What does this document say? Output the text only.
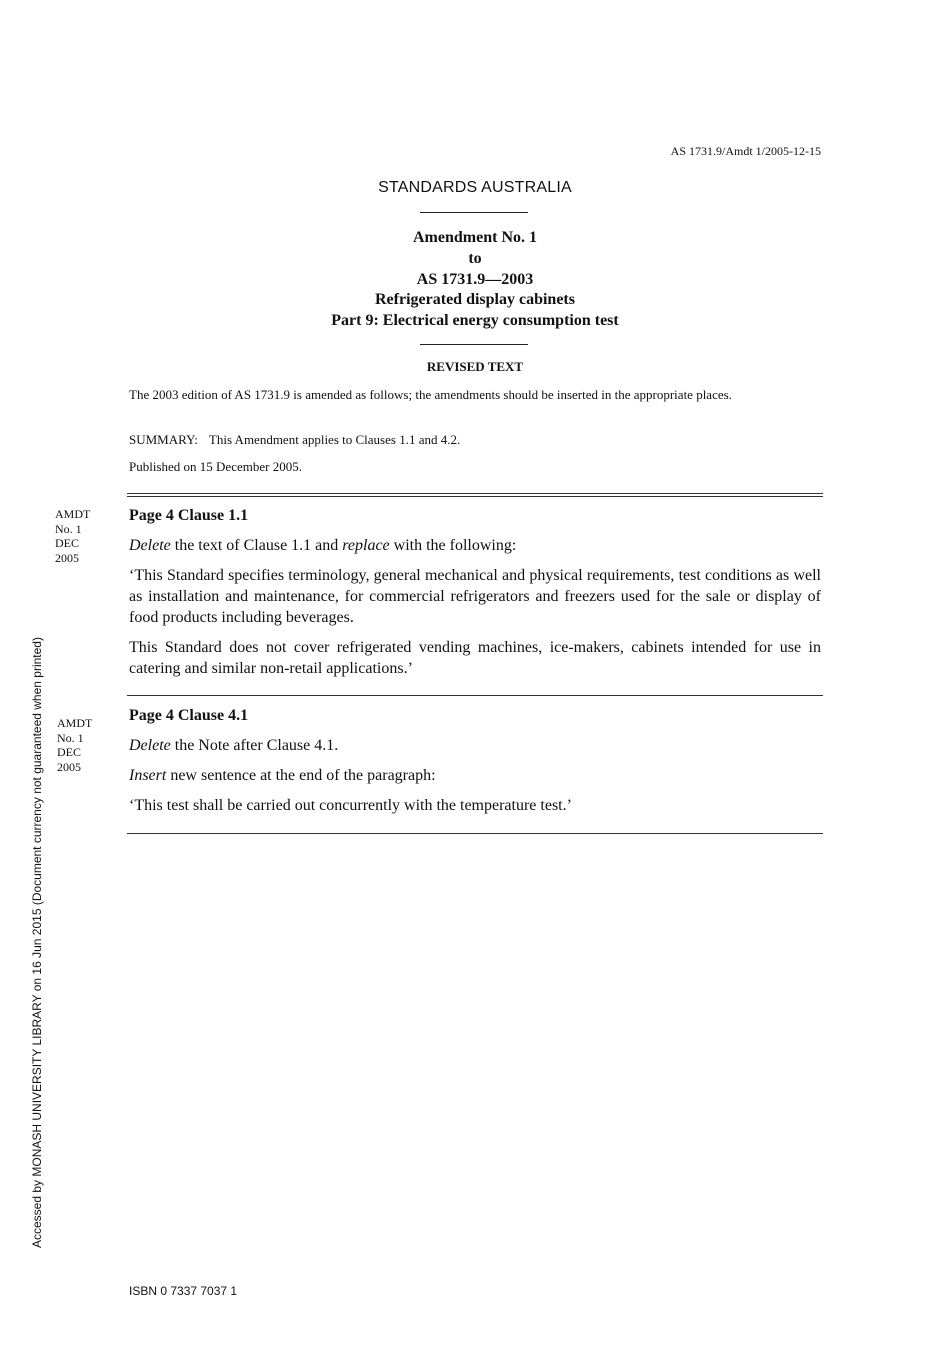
AS 1731.9/Amdt 1/2005-12-15
STANDARDS AUSTRALIA
Amendment No. 1
to
AS 1731.9—2003
Refrigerated display cabinets
Part 9: Electrical energy consumption test
REVISED TEXT
The 2003 edition of AS 1731.9 is amended as follows; the amendments should be inserted in the appropriate places.
SUMMARY: This Amendment applies to Clauses 1.1 and 4.2.
Published on 15 December 2005.
AMDT
No. 1
DEC
2005
Page 4 Clause 1.1

Delete the text of Clause 1.1 and replace with the following:

‘This Standard specifies terminology, general mechanical and physical requirements, test conditions as well as installation and maintenance, for commercial refrigerators and freezers used for the sale or display of food products including beverages.

This Standard does not cover refrigerated vending machines, ice-makers, cabinets intended for use in catering and similar non-retail applications.’

AMDT
No. 1
DEC
2005
Page 4 Clause 4.1

Delete the Note after Clause 4.1.

Insert new sentence at the end of the paragraph:

‘This test shall be carried out concurrently with the temperature test.’

Accessed by MONASH UNIVERSITY LIBRARY on 16 Jun 2015 (Document currency not guaranteed when printed)
ISBN 0 7337 7037 1
